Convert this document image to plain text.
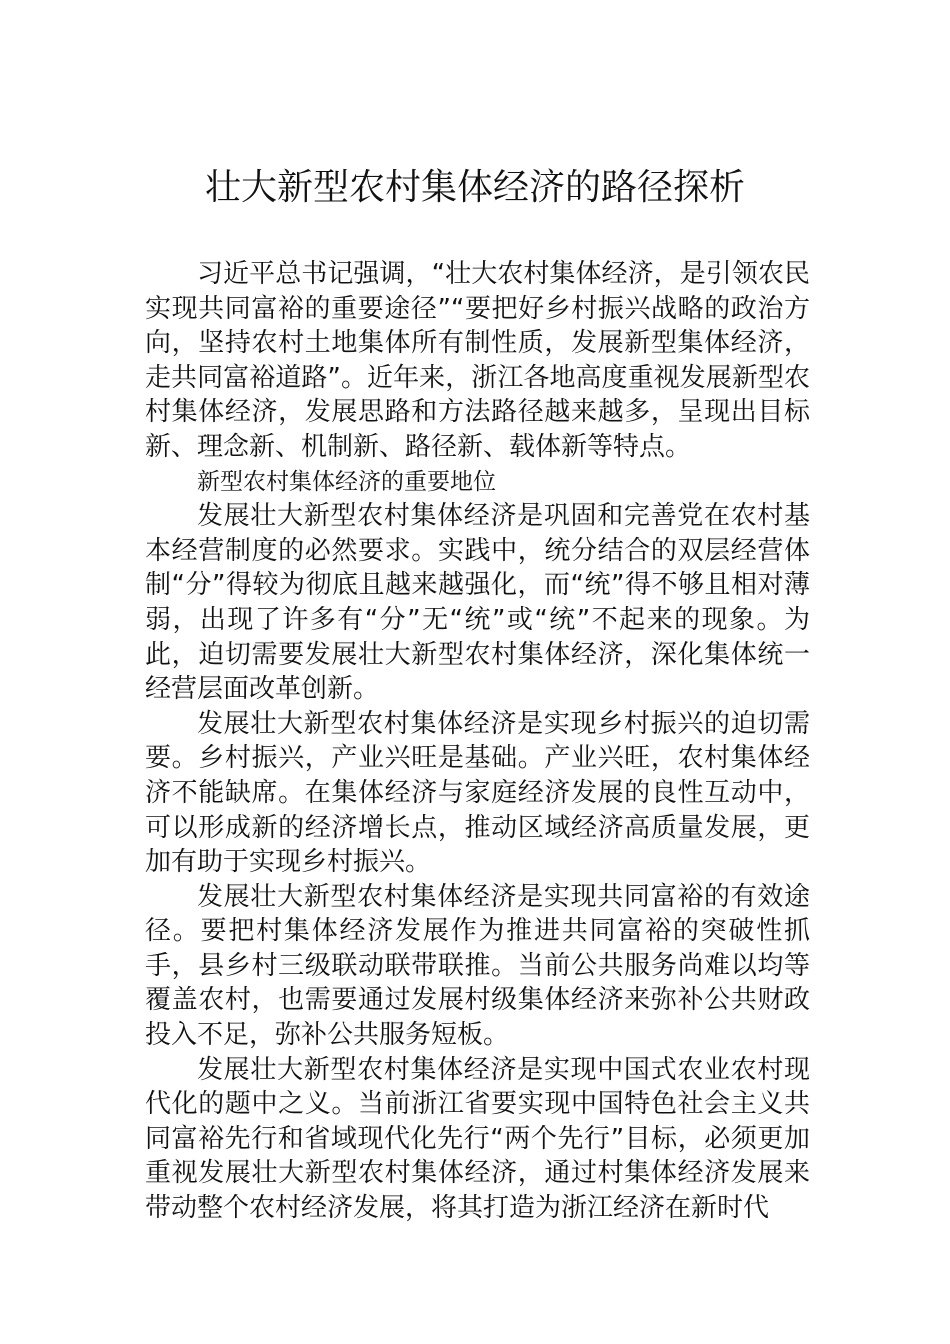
壮大新型农村集体经济的路径探析

习近平总书记强调，“壮大农村集体经济，是引领农民实现共同富裕的重要途径”“要把好乡村振兴战略的政治方向，坚持农村土地集体所有制性质，发展新型集体经济，走共同富裕道路”。近年来，浙江各地高度重视发展新型农村集体经济，发展思路和方法路径越来越多，呈现出目标新、理念新、机制新、路径新、载体新等特点。

新型农村集体经济的重要地位

发展壮大新型农村集体经济是巩固和完善党在农村基本经营制度的必然要求。实践中，统分结合的双层经营体制“分”得较为彻底且越来越强化，而“统”得不够且相对薄弱，出现了许多有“分”无“统”或“统”不起来的现象。为此，迫切需要发展壮大新型农村集体经济，深化集体统一经营层面改革创新。

发展壮大新型农村集体经济是实现乡村振兴的迫切需要。乡村振兴，产业兴旺是基础。产业兴旺，农村集体经济不能缺席。在集体经济与家庭经济发展的良性互动中，可以形成新的经济增长点，推动区域经济高质量发展，更加有助于实现乡村振兴。

发展壮大新型农村集体经济是实现共同富裕的有效途径。要把村集体经济发展作为推进共同富裕的突破性抓手，县乡村三级联动联带联推。当前公共服务尚难以均等覆盖农村，也需要通过发展村级集体经济来弥补公共财政投入不足，弥补公共服务短板。

发展壮大新型农村集体经济是实现中国式农业农村现代化的题中之义。当前浙江省要实现中国特色社会主义共同富裕先行和省域现代化先行“两个先行”目标，必须更加重视发展壮大新型农村集体经济，通过村集体经济发展来带动整个农村经济发展，将其打造为浙江经济在新时代
